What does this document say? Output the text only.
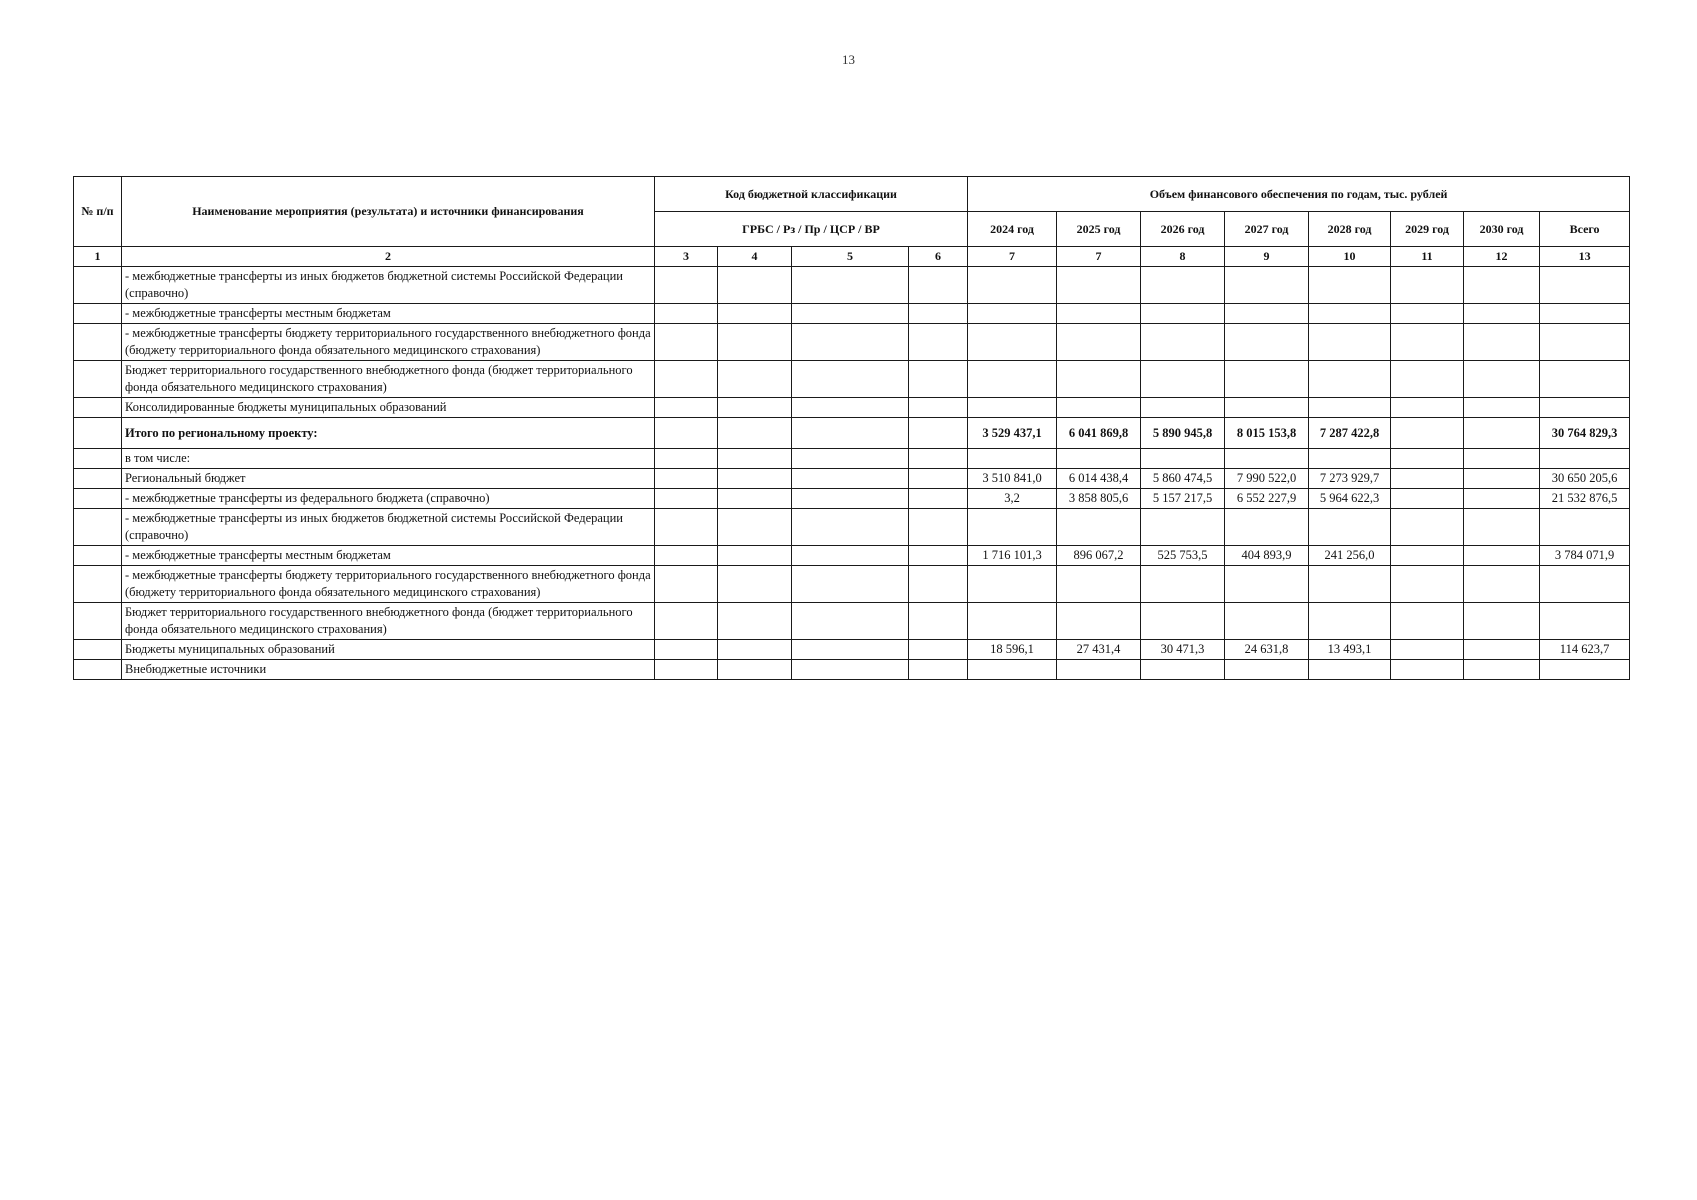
13
№ п/п	Наименование мероприятия (результата) и источники финансирования	Код бюджетной классификации				Объем финансового обеспечения по годам, тыс. рублей							
		ГРБС / Рз / Пр / ЦСР / ВР				2024 год	2025 год	2026 год	2027 год	2028 год	2029 год	2030 год	Всего
1	2	3	4	5	6	7	7	8	9	10	11	12	13
	- межбюджетные трансферты из иных бюджетов бюджетной системы Российской Федерации (справочно)												
	- межбюджетные трансферты местным бюджетам												
	- межбюджетные трансферты бюджету территориального государственного внебюджетного фонда (бюджету территориального фонда обязательного медицинского страхования)												
	Бюджет территориального государственного внебюджетного фонда (бюджет территориального фонда обязательного медицинского страхования)												
	Консолидированные бюджеты муниципальных образований												
	Итого по региональному проекту:					3 529 437,1	6 041 869,8	5 890 945,8	8 015 153,8	7 287 422,8			30 764 829,3
	в том числе:												
	Региональный бюджет					3 510 841,0	6 014 438,4	5 860 474,5	7 990 522,0	7 273 929,7			30 650 205,6
	- межбюджетные трансферты из федерального бюджета (справочно)					3,2	3 858 805,6	5 157 217,5	6 552 227,9	5 964 622,3			21 532 876,5
	- межбюджетные трансферты из иных бюджетов бюджетной системы Российской Федерации (справочно)												
	- межбюджетные трансферты местным бюджетам					1 716 101,3	896 067,2	525 753,5	404 893,9	241 256,0			3 784 071,9
	- межбюджетные трансферты бюджету территориального государственного внебюджетного фонда (бюджету территориального фонда обязательного медицинского страхования)												
	Бюджет территориального государственного внебюджетного фонда (бюджет территориального фонда обязательного медицинского страхования)												
	Бюджеты муниципальных образований					18 596,1	27 431,4	30 471,3	24 631,8	13 493,1			114 623,7
	Внебюджетные источники												
